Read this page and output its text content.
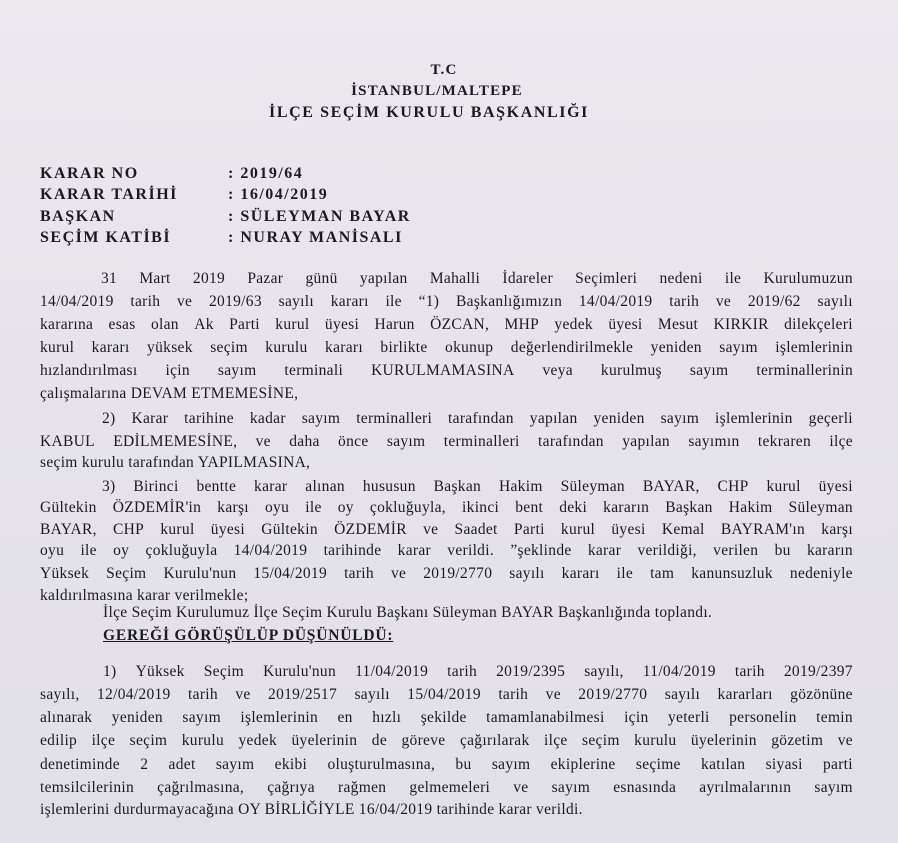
T.C
İSTANBUL/MALTEPE
İLÇE SEÇİM KURULU BAŞKANLIĞI
KARAR NO	: 2019/64
KARAR TARİHİ	: 16/04/2019
BAŞKAN	: SÜLEYMAN BAYAR
SEÇİM KATİBİ	: NURAY MANİSALI
31 Mart 2019 Pazar günü yapılan Mahalli İdareler Seçimleri nedeni ile Kurulumuzun
14/04/2019 tarih ve 2019/63 sayılı kararı ile “1) Başkanlığımızın 14/04/2019 tarih ve 2019/62 sayılı
kararına esas olan Ak Parti kurul üyesi Harun ÖZCAN, MHP yedek üyesi Mesut KIRKIR dilekçeleri
kurul kararı yüksek seçim kurulu kararı birlikte okunup değerlendirilmekle yeniden sayım işlemlerinin
hızlandırılması için sayım terminali KURULMAMASINA veya kurulmuş sayım terminallerinin
çalışmalarına DEVAM ETMEMESİNE,
2) Karar tarihine kadar sayım terminalleri tarafından yapılan yeniden sayım işlemlerinin geçerli
KABUL EDİLMEMESİNE, ve daha önce sayım terminalleri tarafından yapılan sayımın tekraren ilçe
seçim kurulu tarafından YAPILMASINA,
3) Birinci bentte karar alınan hususun Başkan Hakim Süleyman BAYAR, CHP kurul üyesi
Gültekin ÖZDEMİR'in karşı oyu ile oy çokluğuyla, ikinci bent deki kararın Başkan Hakim Süleyman
BAYAR, CHP kurul üyesi Gültekin ÖZDEMİR ve Saadet Parti kurul üyesi Kemal BAYRAM'ın karşı
oyu ile oy çokluğuyla 14/04/2019 tarihinde karar verildi. ”şeklinde karar verildiği, verilen bu kararın
Yüksek Seçim Kurulu'nun 15/04/2019 tarih ve 2019/2770 sayılı kararı ile tam kanunsuzluk nedeniyle
kaldırılmasına karar verilmekle;
İlçe Seçim Kurulumuz İlçe Seçim Kurulu Başkanı Süleyman BAYAR Başkanlığında toplandı.
GEREĞİ GÖRÜŞÜLÜP DÜŞÜNÜLDÜ:
1) Yüksek Seçim Kurulu'nun 11/04/2019 tarih 2019/2395 sayılı, 11/04/2019 tarih 2019/2397
sayılı, 12/04/2019 tarih ve 2019/2517 sayılı 15/04/2019 tarih ve 2019/2770 sayılı kararları gözönüne
alınarak yeniden sayım işlemlerinin en hızlı şekilde tamamlanabilmesi için yeterli personelin temin
edilip ilçe seçim kurulu yedek üyelerinin de göreve çağırılarak ilçe seçim kurulu üyelerinin gözetim ve
denetiminde 2 adet sayım ekibi oluşturulmasına, bu sayım ekiplerine seçime katılan siyasi parti
temsilcilerinin çağrılmasına, çağrıya rağmen gelmemeleri ve sayım esnasında ayrılmalarının sayım
işlemlerini durdurmayacağına OY BİRLİĞİYLE 16/04/2019 tarihinde karar verildi.
